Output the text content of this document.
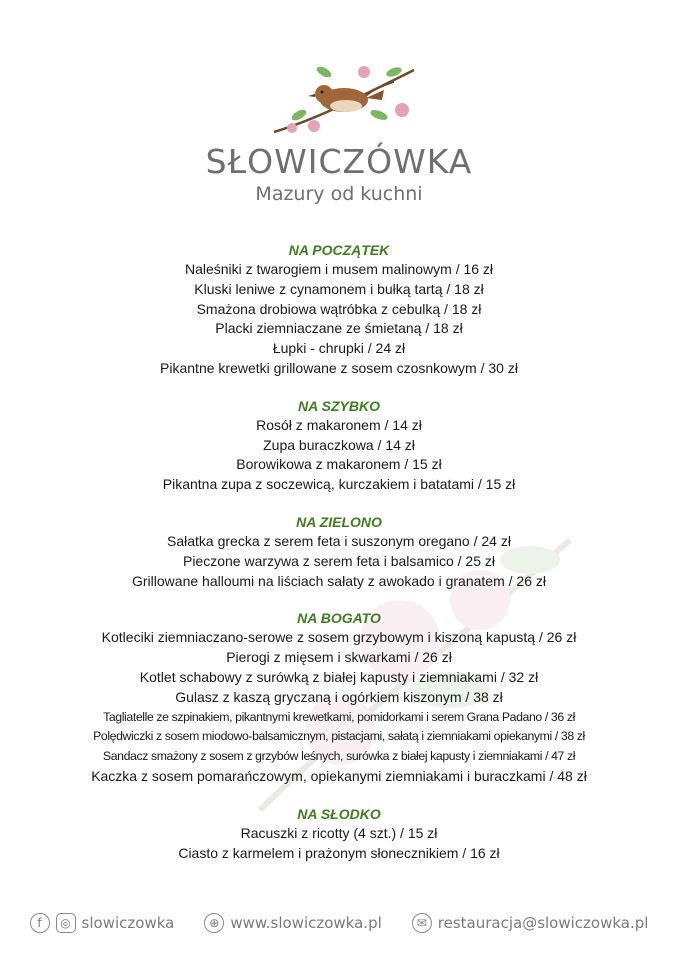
SŁOWICZÓWKA
Mazury od kuchni
NA POCZĄTEK
Naleśniki z twarogiem i musem malinowym / 16 zł
Kluski leniwe z cynamonem i bułką tartą / 18 zł
Smażona drobiowa wątróbka z cebulką / 18 zł
Placki ziemniaczane ze śmietaną / 18 zł
Łupki - chrupki / 24 zł
Pikantne krewetki grillowane z sosem czosnkowym / 30 zł
NA SZYBKO
Rosół z makaronem / 14 zł
Zupa buraczkowa / 14 zł
Borowikowa z makaronem / 15 zł
Pikantna zupa z soczewicą, kurczakiem i batatami / 15 zł
NA ZIELONO
Sałatka grecka z serem feta i suszonym oregano / 24 zł
Pieczone warzywa z serem feta i balsamico / 25 zł
Grillowane halloumi na liściach sałaty z awokado i granatem / 26 zł
NA BOGATO
Kotleciki ziemniaczano-serowe z sosem grzybowym i kiszoną kapustą / 26 zł
Pierogi z mięsem i skwarkami / 26 zł
Kotlet schabowy z surówką z białej kapusty i ziemniakami / 32 zł
Gulasz z kaszą gryczaną i ogórkiem kiszonym / 38 zł
Tagliatelle ze szpinakiem, pikantnymi krewetkami, pomidorkami i serem Grana Padano / 36 zł
Polędwiczki z sosem miodowo-balsamicznym, pistacjami, sałatą i ziemniakami opiekanymi / 38 zł
Sandacz smażony z sosem z grzybów leśnych, surówka z białej kapusty i ziemniakami / 47 zł
Kaczka z sosem pomarańczowym, opiekanymi ziemniakami i buraczkami / 48 zł
NA SŁODKO
Racuszki z ricotty (4 szt.) / 15 zł
Ciasto z karmelem i prażonym słonecznikiem / 16 zł
f	◎ slowiczowka	⊕ www.slowiczowka.pl	✉ restauracja@slowiczowka.pl
